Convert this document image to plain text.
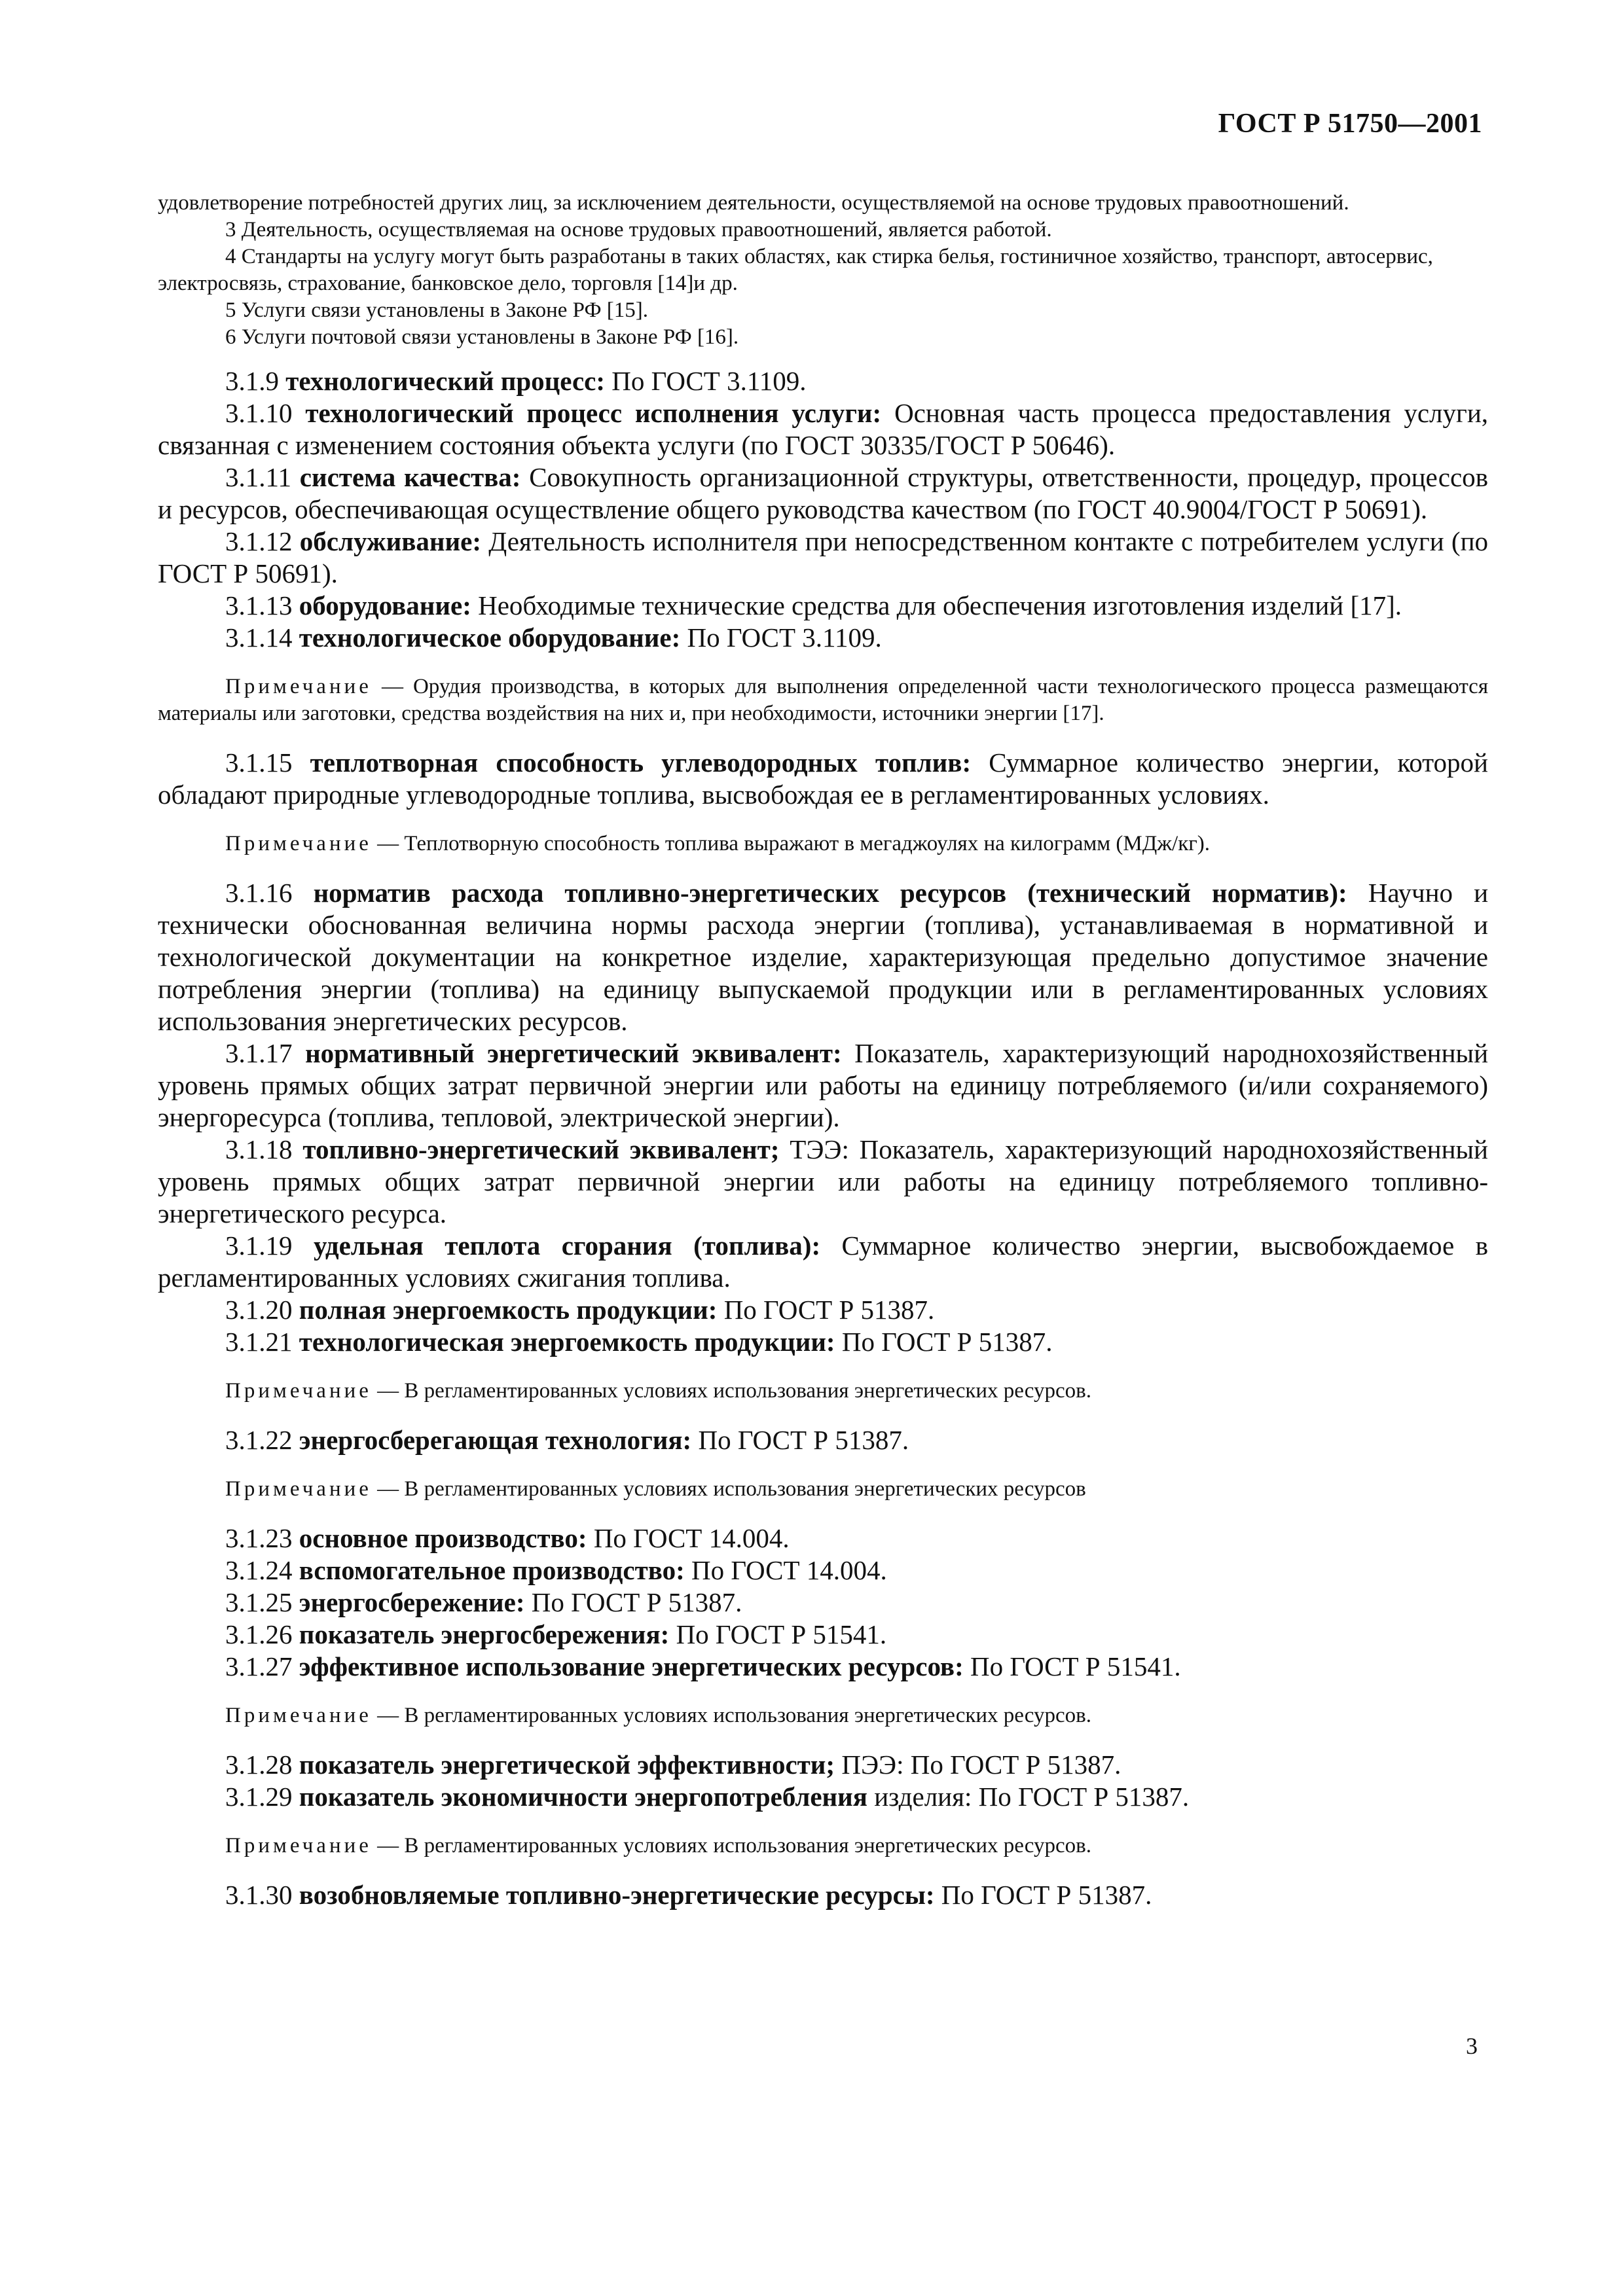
ГОСТ Р 51750—2001

удовлетворение потребностей других лиц, за исключением деятельности, осуществляемой на основе трудовых правоотношений.

3 Деятельность, осуществляемая на основе трудовых правоотношений, является работой.

4 Стандарты на услугу могут быть разработаны в таких областях, как стирка белья, гостиничное хозяйство, транспорт, автосервис, электросвязь, страхование, банковское дело, торговля [14]и др.

5 Услуги связи установлены в Законе РФ [15].

6 Услуги почтовой связи установлены в Законе РФ [16].

3.1.9 технологический процесс: По ГОСТ 3.1109.

3.1.10 технологический процесс исполнения услуги: Основная часть процесса предоставления услуги, связанная с изменением состояния объекта услуги (по ГОСТ 30335/ГОСТ Р 50646).

3.1.11 система качества: Совокупность организационной структуры, ответственности, процедур, процессов и ресурсов, обеспечивающая осуществление общего руководства качеством (по ГОСТ 40.9004/ГОСТ Р 50691).

3.1.12 обслуживание: Деятельность исполнителя при непосредственном контакте с потребителем услуги (по ГОСТ Р 50691).

3.1.13 оборудование: Необходимые технические средства для обеспечения изготовления изделий [17].

3.1.14 технологическое оборудование: По ГОСТ 3.1109.

Примечание — Орудия производства, в которых для выполнения определенной части технологического процесса размещаются материалы или заготовки, средства воздействия на них и, при необходимости, источники энергии [17].

3.1.15 теплотворная способность углеводородных топлив: Суммарное количество энергии, которой обладают природные углеводородные топлива, высвобождая ее в регламентированных условиях.

Примечание — Теплотворную способность топлива выражают в мегаджоулях на килограмм (МДж/кг).

3.1.16 норматив расхода топливно-энергетических ресурсов (технический норматив): Научно и технически обоснованная величина нормы расхода энергии (топлива), устанавливаемая в нормативной и технологической документации на конкретное изделие, характеризующая предельно допустимое значение потребления энергии (топлива) на единицу выпускаемой продукции или в регламентированных условиях использования энергетических ресурсов.

3.1.17 нормативный энергетический эквивалент: Показатель, характеризующий народнохозяйственный уровень прямых общих затрат первичной энергии или работы на единицу потребляемого (и/или сохраняемого) энергоресурса (топлива, тепловой, электрической энергии).

3.1.18 топливно-энергетический эквивалент; ТЭЭ: Показатель, характеризующий народнохозяйственный уровень прямых общих затрат первичной энергии или работы на единицу потребляемого топливно-энергетического ресурса.

3.1.19 удельная теплота сгорания (топлива): Суммарное количество энергии, высвобождаемое в регламентированных условиях сжигания топлива.

3.1.20 полная энергоемкость продукции: По ГОСТ Р 51387.

3.1.21 технологическая энергоемкость продукции: По ГОСТ Р 51387.

Примечание — В регламентированных условиях использования энергетических ресурсов.

3.1.22 энергосберегающая технология: По ГОСТ Р 51387.

Примечание — В регламентированных условиях использования энергетических ресурсов

3.1.23 основное производство: По ГОСТ 14.004.

3.1.24 вспомогательное производство: По ГОСТ 14.004.

3.1.25 энергосбережение: По ГОСТ Р 51387.

3.1.26 показатель энергосбережения: По ГОСТ Р 51541.

3.1.27 эффективное использование энергетических ресурсов: По ГОСТ Р 51541.

Примечание — В регламентированных условиях использования энергетических ресурсов.

3.1.28 показатель энергетической эффективности; ПЭЭ: По ГОСТ Р 51387.

3.1.29 показатель экономичности энергопотребления изделия: По ГОСТ Р 51387.

Примечание — В регламентированных условиях использования энергетических ресурсов.

3.1.30 возобновляемые топливно-энергетические ресурсы: По ГОСТ Р 51387.

3
